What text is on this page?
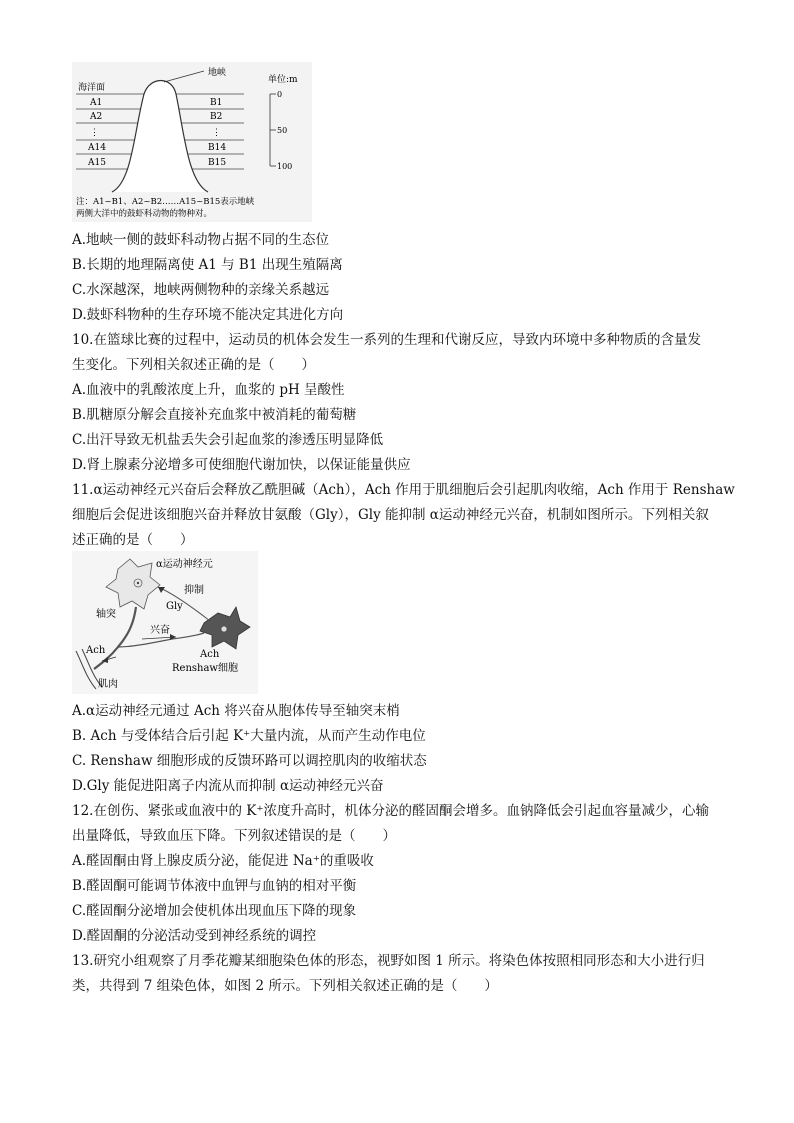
地峡
海洋面
A1
A2
⋮
A14
A15
B1
B2
⋮
B14
B15
单位:m
0
50
100
注：A1~B1、A2~B2……A15~B15表示地峡
两侧大洋中的鼓虾科动物的物种对。
A.地峡一侧的鼓虾科动物占据不同的生态位
B.长期的地理隔离使 A1 与 B1 出现生殖隔离
C.水深越深，地峡两侧物种的亲缘关系越远
D.鼓虾科物种的生存环境不能决定其进化方向
10.在篮球比赛的过程中，运动员的机体会发生一系列的生理和代谢反应，导致内环境中多种物质的含量发
生变化。下列相关叙述正确的是（　　）
A.血液中的乳酸浓度上升，血浆的 pH 呈酸性
B.肌糖原分解会直接补充血浆中被消耗的葡萄糖
C.出汗导致无机盐丢失会引起血浆的渗透压明显降低
D.肾上腺素分泌增多可使细胞代谢加快，以保证能量供应
11.α运动神经元兴奋后会释放乙酰胆碱（Ach），Ach 作用于肌细胞后会引起肌肉收缩，Ach 作用于 Renshaw
细胞后会促进该细胞兴奋并释放甘氨酸（Gly），Gly 能抑制 α运动神经元兴奋，机制如图所示。下列相关叙
述正确的是（　　）
α运动神经元
抑制
Gly
轴突
兴奋
Ach	Ach
Renshaw细胞
肌肉
A.α运动神经元通过 Ach 将兴奋从胞体传导至轴突末梢
B. Ach 与受体结合后引起 K⁺大量内流，从而产生动作电位
C. Renshaw 细胞形成的反馈环路可以调控肌肉的收缩状态
D.Gly 能促进阳离子内流从而抑制 α运动神经元兴奋
12.在创伤、紧张或血液中的 K⁺浓度升高时，机体分泌的醛固酮会增多。血钠降低会引起血容量减少，心输
出量降低，导致血压下降。下列叙述错误的是（　　）
A.醛固酮由肾上腺皮质分泌，能促进 Na⁺的重吸收
B.醛固酮可能调节体液中血钾与血钠的相对平衡
C.醛固酮分泌增加会使机体出现血压下降的现象
D.醛固酮的分泌活动受到神经系统的调控
13.研究小组观察了月季花瓣某细胞染色体的形态，视野如图 1 所示。将染色体按照相同形态和大小进行归
类，共得到 7 组染色体，如图 2 所示。下列相关叙述正确的是（　　）
